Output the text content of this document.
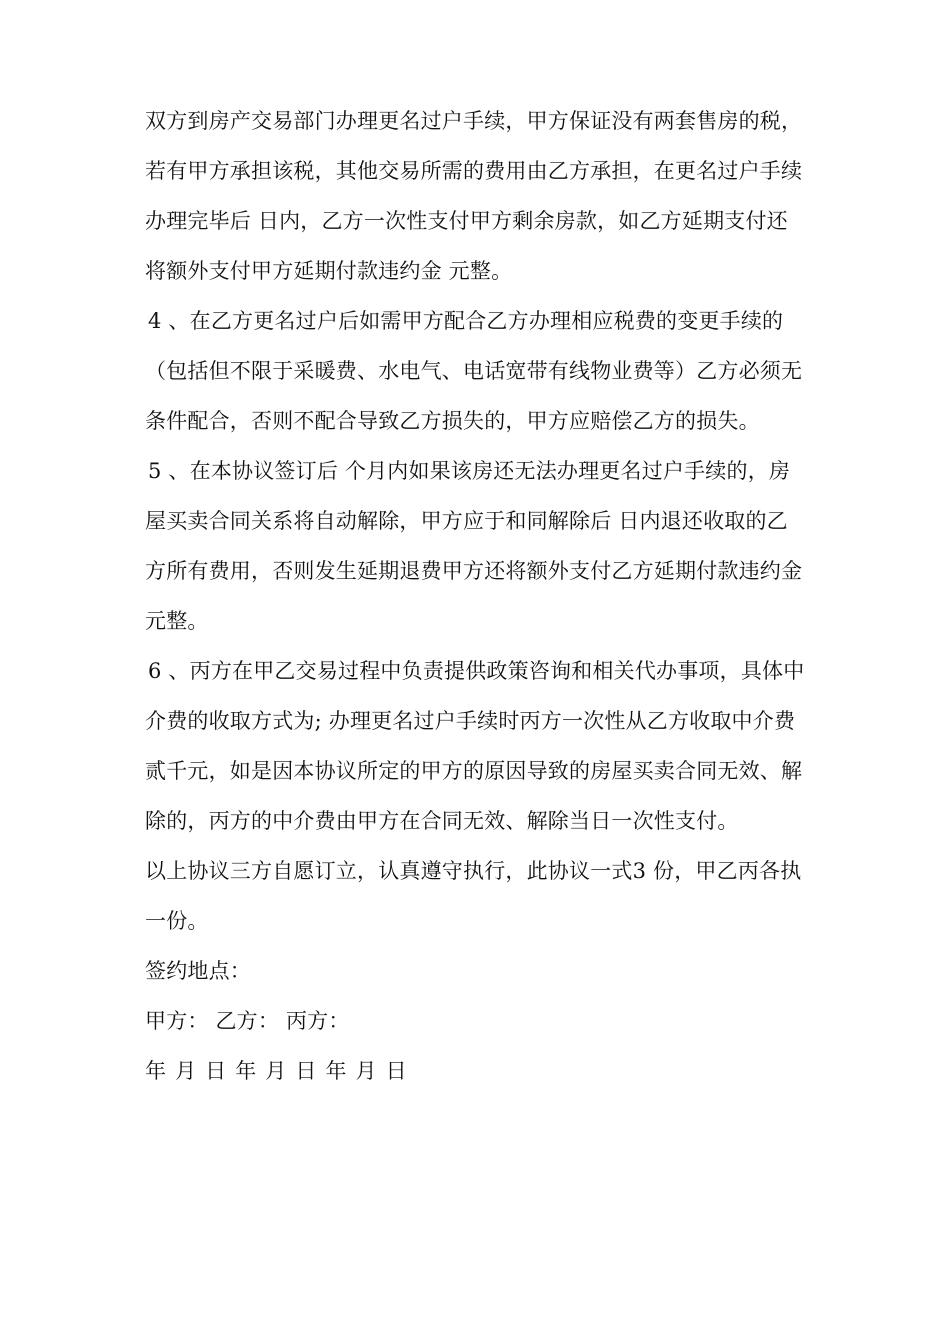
双方到房产交易部门办理更名过户手续，甲方保证没有两套售房的税，
若有甲方承担该税，其他交易所需的费用由乙方承担，在更名过户手续
办理完毕后 日内，乙方一次性支付甲方剩余房款，如乙方延期支付还
将额外支付甲方延期付款违约金 元整。
4 、在乙方更名过户后如需甲方配合乙方办理相应税费的变更手续的
（包括但不限于采暖费、水电气、电话宽带有线物业费等）乙方必须无
条件配合，否则不配合导致乙方损失的，甲方应赔偿乙方的损失。
5 、在本协议签订后 个月内如果该房还无法办理更名过户手续的，房
屋买卖合同关系将自动解除，甲方应于和同解除后 日内退还收取的乙
方所有费用，否则发生延期退费甲方还将额外支付乙方延期付款违约金
元整。
6 、丙方在甲乙交易过程中负责提供政策咨询和相关代办事项，具体中
介费的收取方式为; 办理更名过户手续时丙方一次性从乙方收取中介费
贰千元，如是因本协议所定的甲方的原因导致的房屋买卖合同无效、解
除的，丙方的中介费由甲方在合同无效、解除当日一次性支付。
以上协议三方自愿订立，认真遵守执行，此协议一式3 份，甲乙丙各执
一份。
签约地点：
甲方： 乙方： 丙方：
年 月 日 年 月 日 年 月 日
